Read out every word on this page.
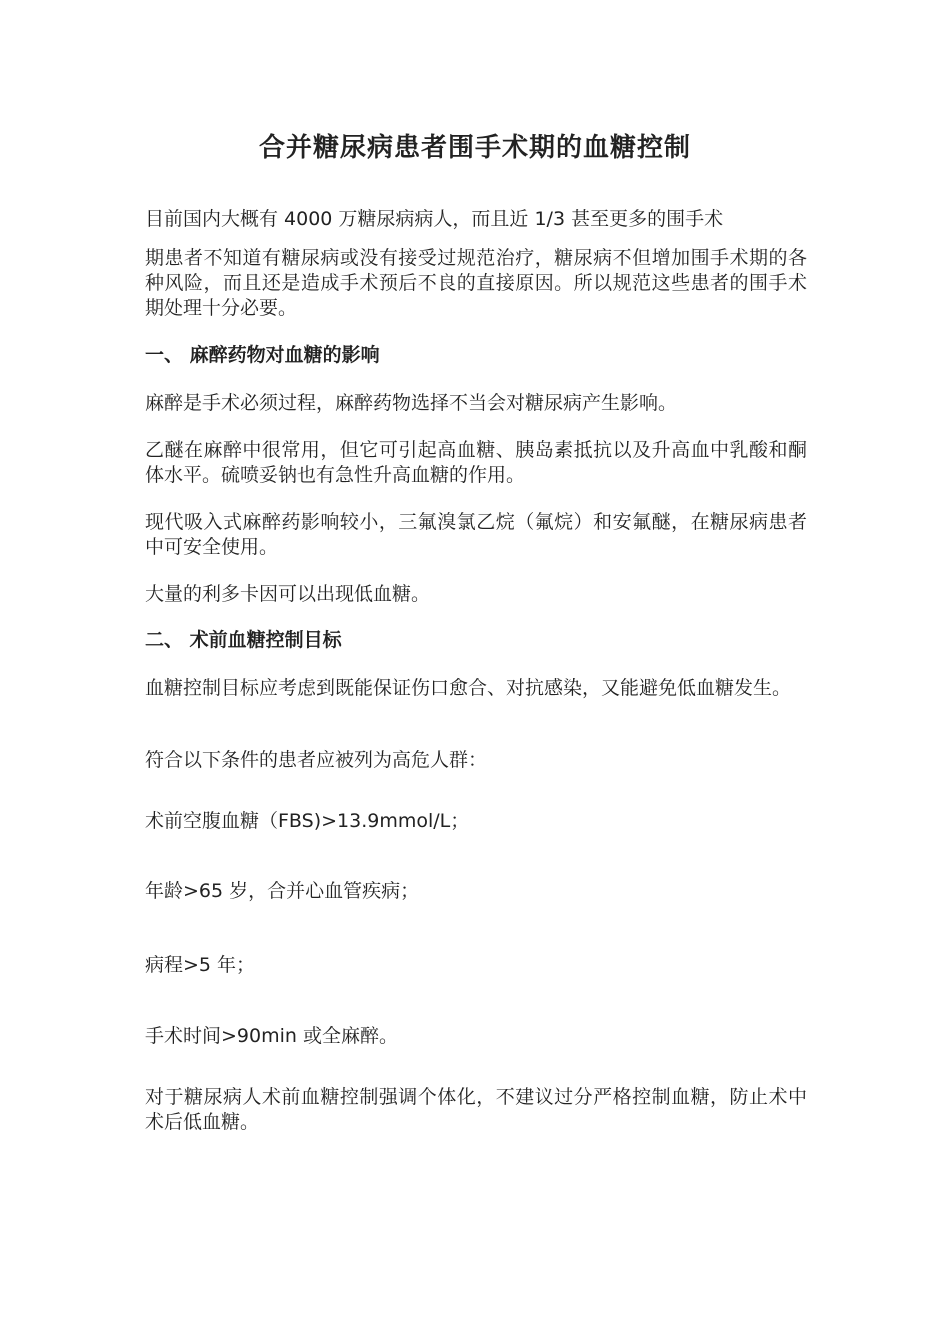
合并糖尿病患者围手术期的血糖控制

目前国内大概有 4000 万糖尿病病人，而且近 1/3 甚至更多的围手术

期患者不知道有糖尿病或没有接受过规范治疗，糖尿病不但增加围手术期的各种风险，而且还是造成手术预后不良的直接原因。所以规范这些患者的围手术期处理十分必要。

一、 麻醉药物对血糖的影响

麻醉是手术必须过程，麻醉药物选择不当会对糖尿病产生影响。

乙醚在麻醉中很常用，但它可引起高血糖、胰岛素抵抗以及升高血中乳酸和酮体水平。硫喷妥钠也有急性升高血糖的作用。

现代吸入式麻醉药影响较小，三氟溴氯乙烷（氟烷）和安氟醚，在糖尿病患者中可安全使用。

大量的利多卡因可以出现低血糖。

二、 术前血糖控制目标

血糖控制目标应考虑到既能保证伤口愈合、对抗感染，又能避免低血糖发生。

符合以下条件的患者应被列为高危人群：

术前空腹血糖（FBS)>13.9mmol/L；

年龄>65 岁，合并心血管疾病；

病程>5 年；

手术时间>90min 或全麻醉。

对于糖尿病人术前血糖控制强调个体化，不建议过分严格控制血糖，防止术中术后低血糖。
